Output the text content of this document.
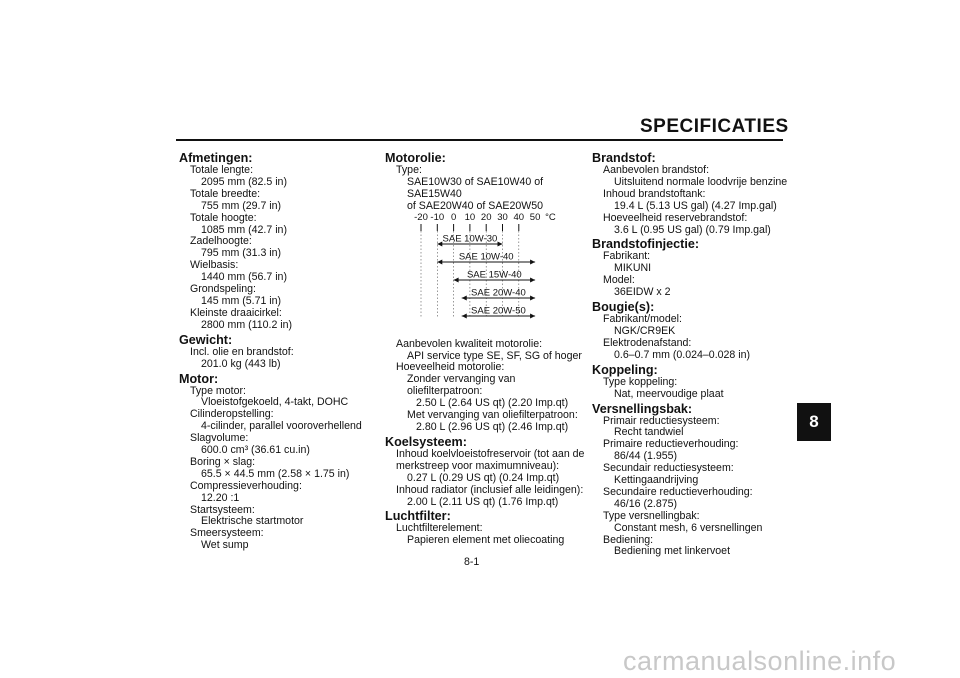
SPECIFICATIES
Afmetingen:
Totale lengte:
2095 mm (82.5 in)
Totale breedte:
755 mm (29.7 in)
Totale hoogte:
1085 mm (42.7 in)
Zadelhoogte:
795 mm (31.3 in)
Wielbasis:
1440 mm (56.7 in)
Grondspeling:
145 mm (5.71 in)
Kleinste draaicirkel:
2800 mm (110.2 in)
Gewicht:
Incl. olie en brandstof:
201.0 kg (443 lb)
Motor:
Type motor:
Vloeistofgekoeld, 4-takt, DOHC
Cilinderopstelling:
4-cilinder, parallel vooroverhellend
Slagvolume:
600.0 cm³ (36.61 cu.in)
Boring × slag:
65.5 × 44.5 mm (2.58 × 1.75 in)
Compressieverhouding:
12.20 :1
Startsysteem:
Elektrische startmotor
Smeersysteem:
Wet sump
Motorolie:
Type:
SAE10W30 of SAE10W40 of SAE15W40
of SAE20W40 of SAE20W50
Aanbevolen kwaliteit motorolie:
API service type SE, SF, SG of hoger
Hoeveelheid motorolie:
Zonder vervanging van oliefilterpatroon:
2.50 L (2.64 US qt) (2.20 Imp.qt)
Met vervanging van oliefilterpatroon:
2.80 L (2.96 US qt) (2.46 Imp.qt)
Koelsysteem:
Inhoud koelvloeistofreservoir (tot aan de
merkstreep voor maximumniveau):
0.27 L (0.29 US qt) (0.24 Imp.qt)
Inhoud radiator (inclusief alle leidingen):
2.00 L (2.11 US qt) (1.76 Imp.qt)
Luchtfilter:
Luchtfilterelement:
Papieren element met oliecoating
-20 -10 0 10 20 30 40 50 °C
SAE 10W-30
SAE 10W-40
SAE 15W-40
SAE 20W-40
SAE 20W-50
Brandstof:
Aanbevolen brandstof:
Uitsluitend normale loodvrije benzine
Inhoud brandstoftank:
19.4 L (5.13 US gal) (4.27 Imp.gal)
Hoeveelheid reservebrandstof:
3.6 L (0.95 US gal) (0.79 Imp.gal)
Brandstofinjectie:
Fabrikant:
MIKUNI
Model:
36EIDW x 2
Bougie(s):
Fabrikant/model:
NGK/CR9EK
Elektrodenafstand:
0.6–0.7 mm (0.024–0.028 in)
Koppeling:
Type koppeling:
Nat, meervoudige plaat
Versnellingsbak:
Primair reductiesysteem:
Recht tandwiel
Primaire reductieverhouding:
86/44 (1.955)
Secundair reductiesysteem:
Kettingaandrijving
Secundaire reductieverhouding:
46/16 (2.875)
Type versnellingbak:
Constant mesh, 6 versnellingen
Bediening:
Bediening met linkervoet
8
8-1
carmanualsonline.info
